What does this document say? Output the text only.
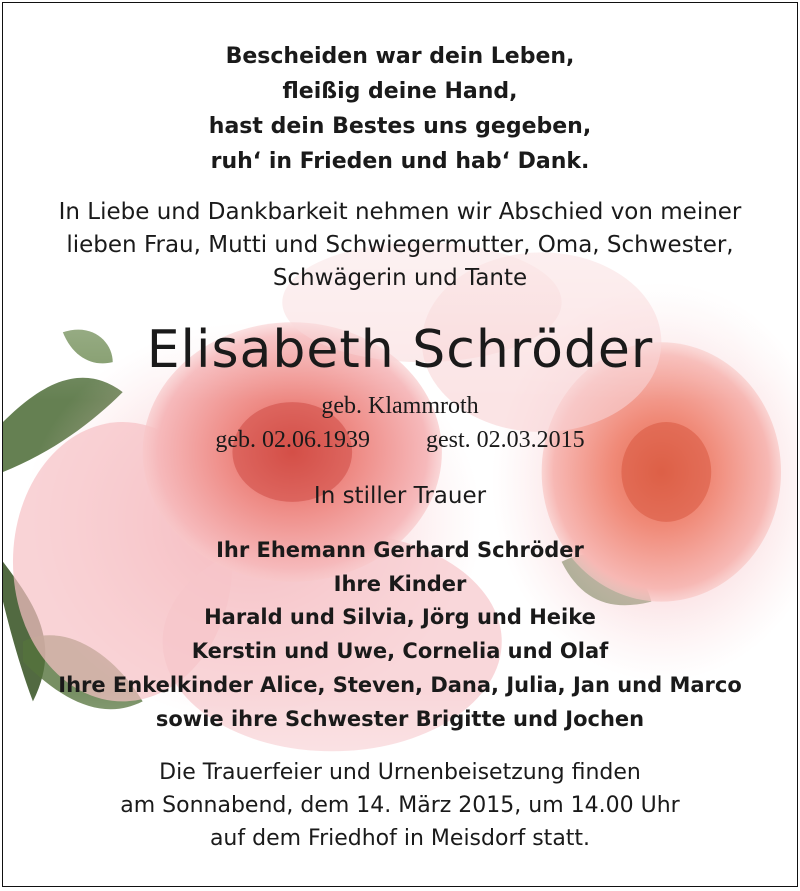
Bescheiden war dein Leben,
fleißig deine Hand,
hast dein Bestes uns gegeben,
ruh‘ in Frieden und hab‘ Dank.
In Liebe und Dankbarkeit nehmen wir Abschied von meiner
lieben Frau, Mutti und Schwiegermutter, Oma, Schwester,
Schwägerin und Tante
Elisabeth Schröder
geb. Klammroth
geb. 02.06.1939 gest. 02.03.2015
In stiller Trauer
Ihr Ehemann Gerhard Schröder
Ihre Kinder
Harald und Silvia, Jörg und Heike
Kerstin und Uwe, Cornelia und Olaf
Ihre Enkelkinder Alice, Steven, Dana, Julia, Jan und Marco
sowie ihre Schwester Brigitte und Jochen
Die Trauerfeier und Urnenbeisetzung finden
am Sonnabend, dem 14. März 2015, um 14.00 Uhr
auf dem Friedhof in Meisdorf statt.
